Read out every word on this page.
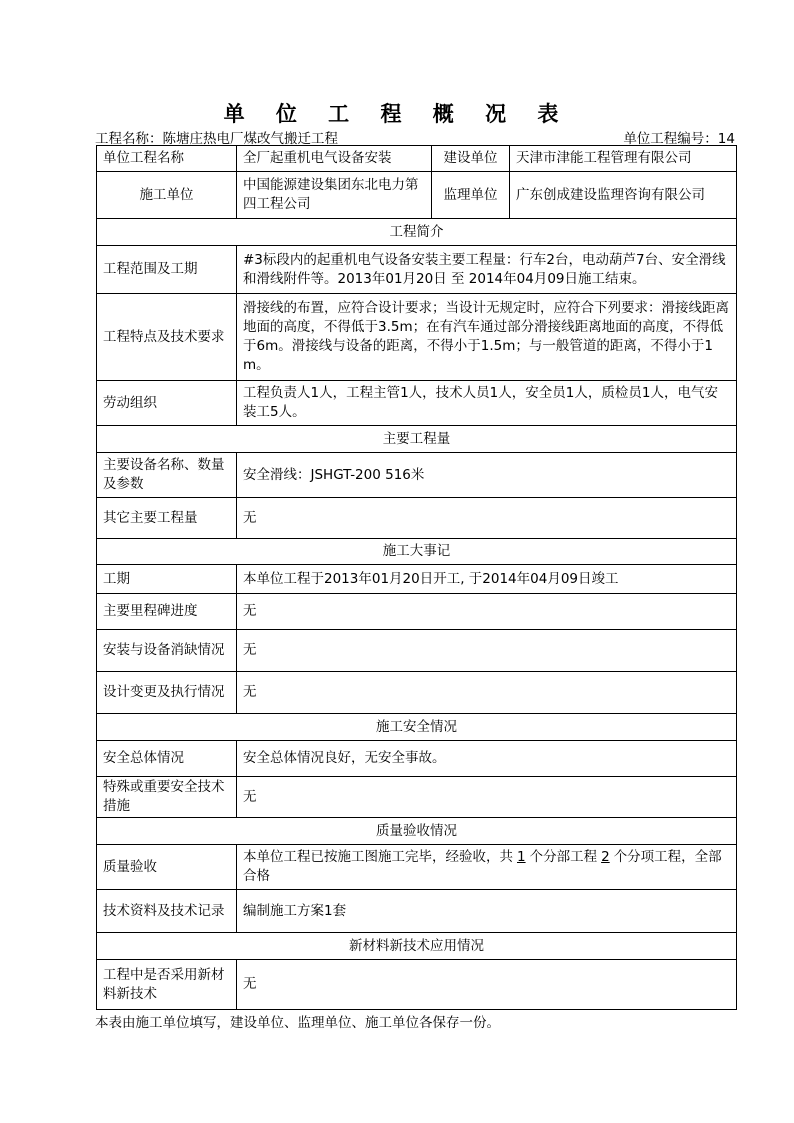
单 位 工 程 概 况 表
工程名称：陈塘庄热电厂煤改气搬迁工程	单位工程编号：14
单位工程名称	全厂起重机电气设备安装	建设单位	天津市津能工程管理有限公司
施工单位	中国能源建设集团东北电力第四工程公司	监理单位	广东创成建设监理咨询有限公司
工程简介			
工程范围及工期	#3标段内的起重机电气设备安装主要工程量：行车2台，电动葫芦7台、安全滑线和滑线附件等。2013年01月20日 至 2014年04月09日施工结束。		
工程特点及技术要求	滑接线的布置，应符合设计要求；当设计无规定时，应符合下列要求：滑接线距离地面的高度，不得低于3.5m；在有汽车通过部分滑接线距离地面的高度，不得低于6m。滑接线与设备的距离，不得小于1.5m；与一般管道的距离，不得小于1m。		
劳动组织	工程负责人1人，工程主管1人，技术人员1人，安全员1人，质检员1人，电气安装工5人。		
主要工程量			
主要设备名称、数量及参数	安全滑线：JSHGT-200 516米		
其它主要工程量	无		
施工大事记			
工期	本单位工程于2013年01月20日开工, 于2014年04月09日竣工		
主要里程碑进度	无		
安装与设备消缺情况	无		
设计变更及执行情况	无		
施工安全情况			
安全总体情况	安全总体情况良好，无安全事故。		
特殊或重要安全技术措施	无		
质量验收情况			
质量验收	本单位工程已按施工图施工完毕，经验收，共 1 个分部工程 2 个分项工程，全部合格		
技术资料及技术记录	编制施工方案1套		
新材料新技术应用情况			
工程中是否采用新材料新技术	无		
本表由施工单位填写，建设单位、监理单位、施工单位各保存一份。
